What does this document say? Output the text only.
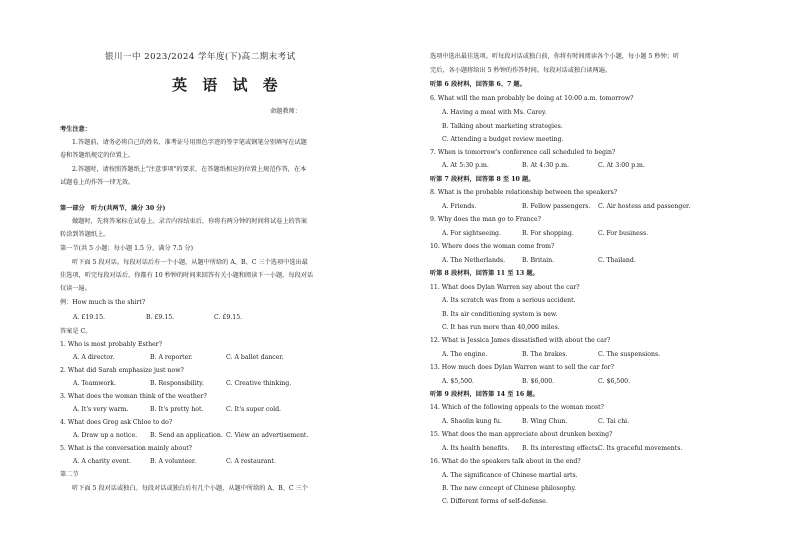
银川一中 2023/2024 学年度(下)高二期末考试
英 语 试 卷
命题教师：
考生注意：
1.答题前，请务必将自己的姓名、准考证号用黑色字迹的签字笔或钢笔分别填写在试题
卷和答题纸规定的位置上。
2.答题时，请按照答题纸上"注意事项"的要求，在答题纸相应的位置上规范作答，在本
试题卷上的作答一律无效。
第一部分　听力(共两节，满分 30 分)
做题时，先将答案标在试卷上。录音内容结束后，你将有两分钟的时间将试卷上的答案
转涂到答题纸上。
第一节(共 5 小题；每小题 1.5 分，满分 7.5 分)
听下面 5 段对话。每段对话后有一个小题，从题中所给的 A、B、C 三个选项中选出最
佳选项，听完每段对话后，你都有 10 秒钟的时间来回答有关小题和阅读下一小题。每段对话
仅读一遍。
例：How much is the shirt?
A. £19.15.	B. £9.15.	C. £9.15.
答案是 C。
1. Who is most probably Esther?
A. A director.	B. A reporter.	C. A ballet dancer.
2. What did Sarah emphasize just now?
A. Teamwork.	B. Responsibility.	C. Creative thinking.
3. What does the woman think of the weather?
A. It's very warm.	B. It's pretty hot.	C. It's super cold.
4. What does Greg ask Chloe to do?
A. Draw up a notice. B. Send an application. C. View an advertisement.
5. What is the conversation mainly about?
A. A charity event.	B. A volunteer.	C. A restaurant.
第二节
听下面 5 段对话或独白。每段对话或独白后有几个小题，从题中所给的 A、B、C 三个
选项中选出最佳选项。听每段对话或独白前，你将有时间阅读各个小题，每小题 5 秒钟；听
完后，各小题将给出 5 秒钟的作答时间。每段对话或独白读两遍。
听第 6 段材料，回答第 6、7 题。
6. What will the man probably be doing at 10:00 a.m. tomorrow?
A. Having a meal with Ms. Carey.
B. Talking about marketing strategies.
C. Attending a budget review meeting.
7. When is tomorrow's conference call scheduled to begin?
A. At 5:30 p.m.	B. At 4:30 p.m.	C. At 3:00 p.m.
听第 7 段材料，回答第 8 至 10 题。
8. What is the probable relationship between the speakers?
A. Friends.	B. Fellow passengers. C. Air hostess and passenger.
9. Why does the man go to France?
A. For sightseeing.	B. For shopping.	C. For business.
10. Where does the woman come from?
A. The Netherlands.	B. Britain.	C. Thailand.
听第 8 段材料，回答第 11 至 13 题。
11. What does Dylan Warren say about the car?
A. Its scratch was from a serious accident.
B. Its air conditioning system is new.
C. It has run more than 40,000 miles.
12. What is Jessica James dissatisfied with about the car?
A. The engine.	B. The brakes.	C. The suspensions.
13. How much does Dylan Warren want to sell the car for?
A. $5,500.	B. $6,000.	C. $6,500.
听第 9 段材料，回答第 14 至 16 题。
14. Which of the following appeals to the woman most?
A. Shaolin kung fu.	B. Wing Chun.	C. Tai chi.
15. What does the man appreciate about drunken boxing?
A. Its health benefits. B. Its interesting effects.
C. Its graceful movements.
16. What do the speakers talk about in the end?
A. The significance of Chinese martial arts.
B. The new concept of Chinese philosophy.
C. Different forms of self-defense.
